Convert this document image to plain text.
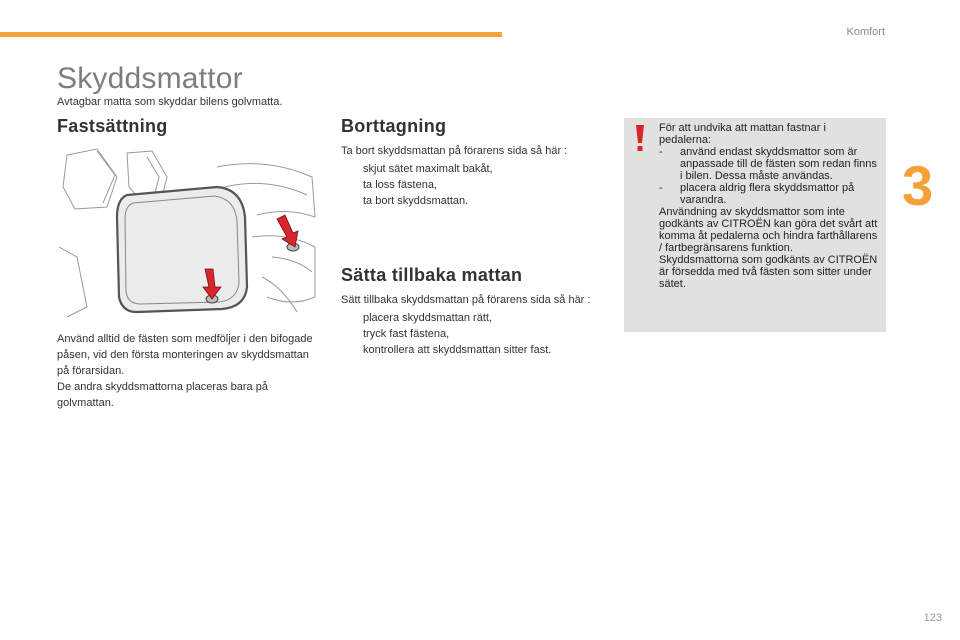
Komfort
3
Skyddsmattor
Avtagbar matta som skyddar bilens golvmatta.
Fastsättning

Använd alltid de fästen som medföljer i den bifogade påsen, vid den första monteringen av skyddsmattan på förarsidan.

De andra skyddsmattorna placeras bara på golvmattan.

Borttagning

Ta bort skyddsmattan på förarens sida så här :

skjut sätet maximalt bakåt,
ta loss fästena,
ta bort skyddsmattan.
Sätta tillbaka mattan

Sätt tillbaka skyddsmattan på förarens sida så här :

placera skyddsmattan rätt,
tryck fast fästena,
kontrollera att skyddsmattan sitter fast.

För att undvika att mattan fastnar i pedalerna:

- använd endast skyddsmattor som är anpassade till de fästen som redan finns i bilen. Dessa måste användas.
- placera aldrig flera skyddsmattor på varandra.

Användning av skyddsmattor som inte godkänts av CITROËN kan göra det svårt att komma åt pedalerna och hindra farthållarens / fartbegränsarens funktion.

Skyddsmattorna som godkänts av CITROËN är försedda med två fästen som sitter under sätet.

123
